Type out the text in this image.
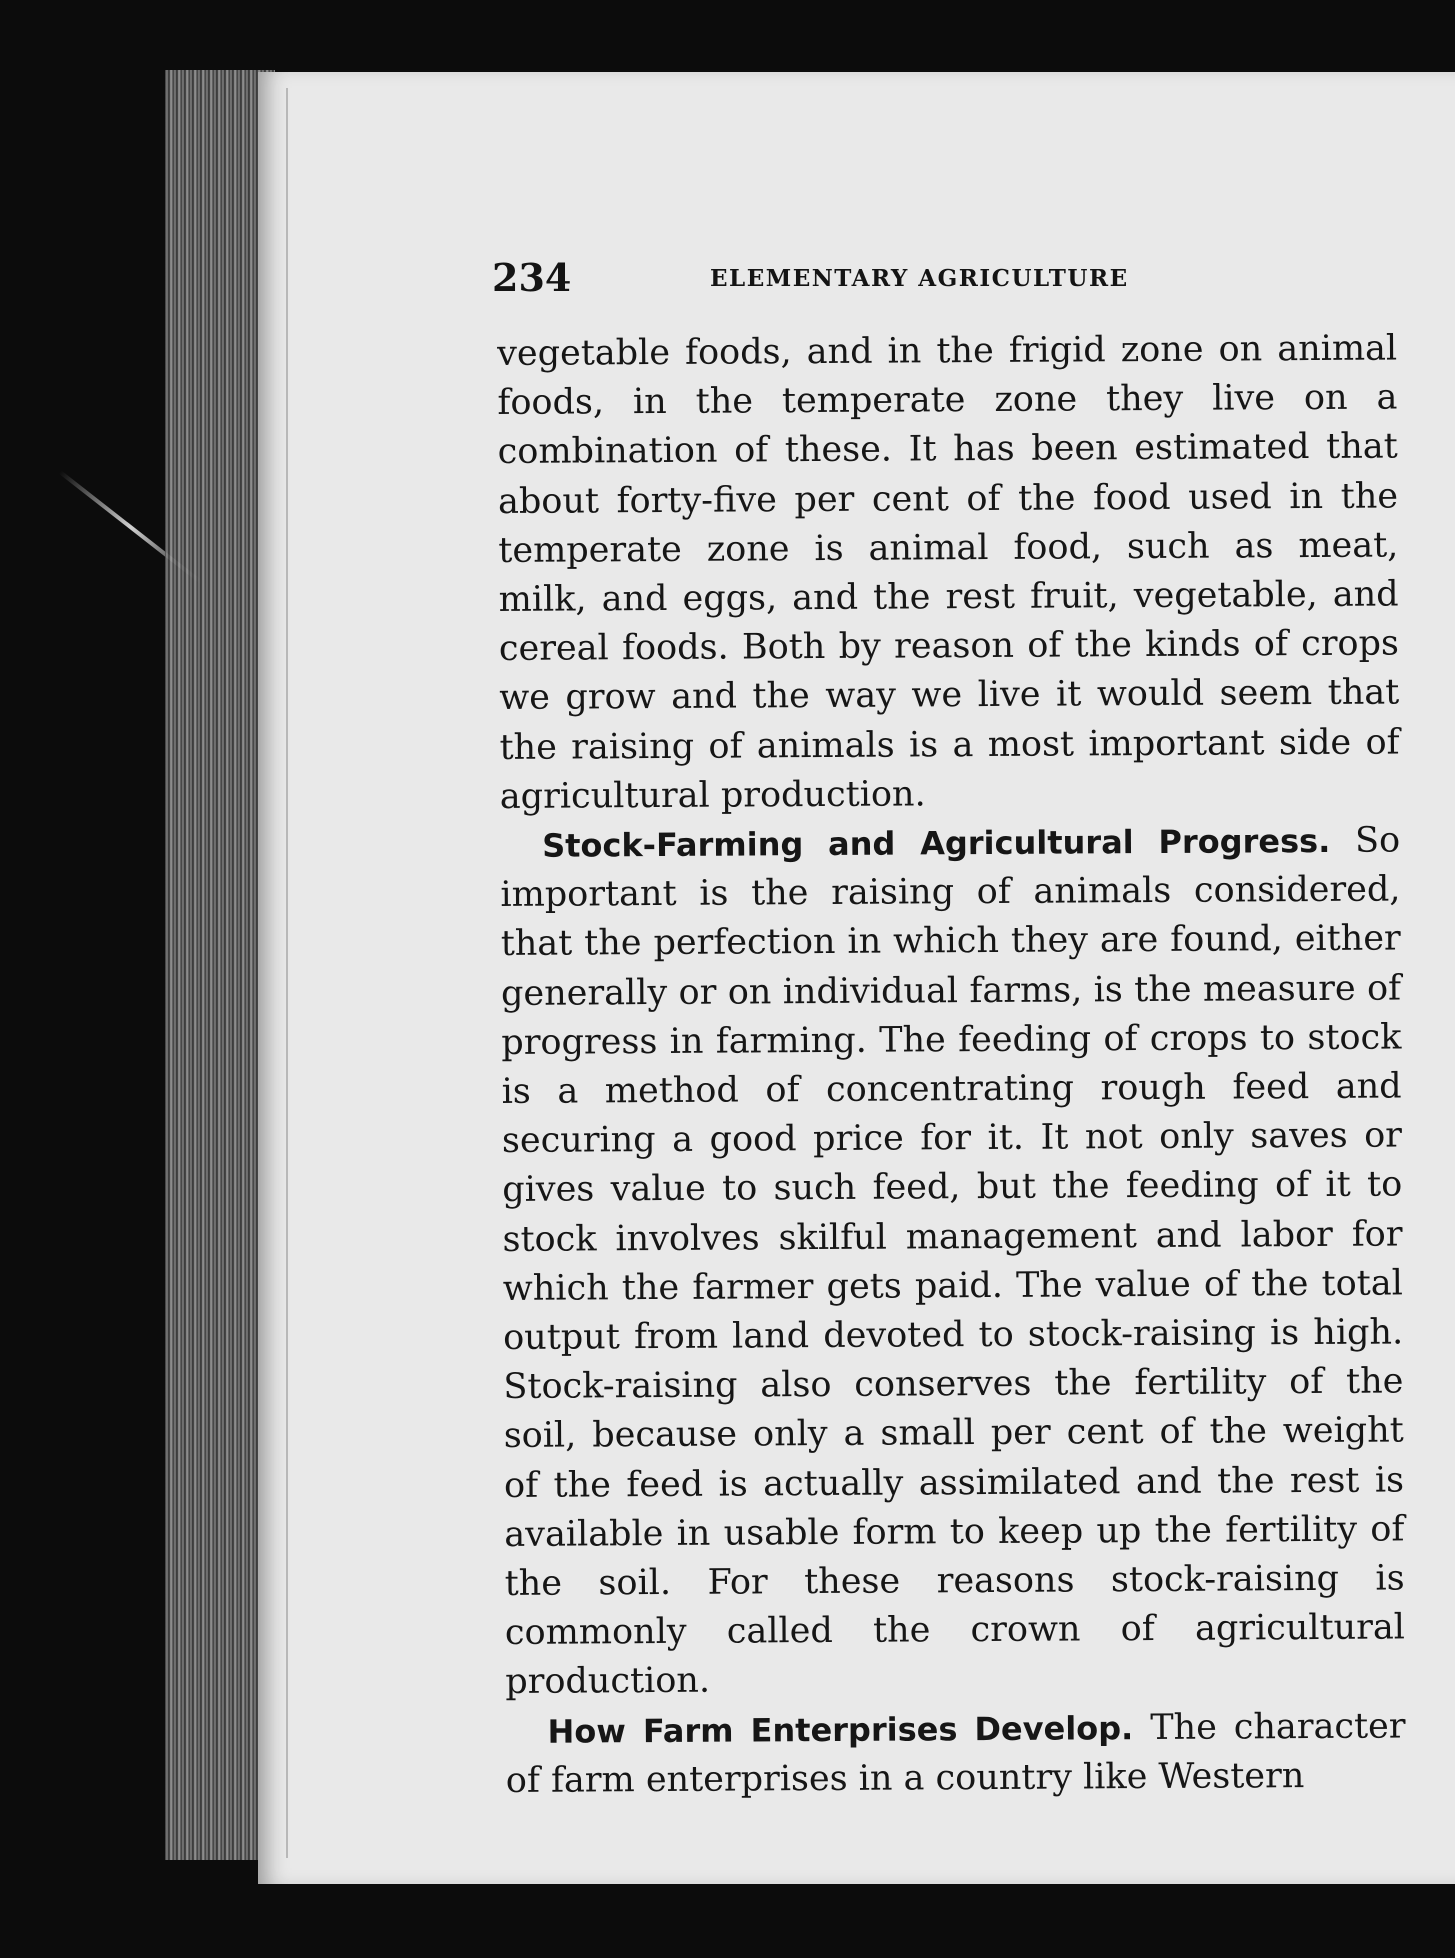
234	ELEMENTARY AGRICULTURE

vegetable foods, and in the frigid zone on animal foods, in the temperate zone they live on a combination of these. It has been estimated that about forty-five per cent of the food used in the temperate zone is animal food, such as meat, milk, and eggs, and the rest fruit, vegetable, and cereal foods. Both by reason of the kinds of crops we grow and the way we live it would seem that the raising of animals is a most important side of agricultural production.

Stock-Farming and Agricultural Progress. So important is the raising of animals considered, that the perfection in which they are found, either generally or on individual farms, is the measure of progress in farming. The feeding of crops to stock is a method of concentrating rough feed and securing a good price for it. It not only saves or gives value to such feed, but the feeding of it to stock involves skilful management and labor for which the farmer gets paid. The value of the total output from land devoted to stock-raising is high. Stock-raising also conserves the fertility of the soil, because only a small per cent of the weight of the feed is actually assimilated and the rest is available in usable form to keep up the fertility of the soil. For these reasons stock-raising is commonly called the crown of agricultural production.

How Farm Enterprises Develop. The character of farm enterprises in a country like Western
